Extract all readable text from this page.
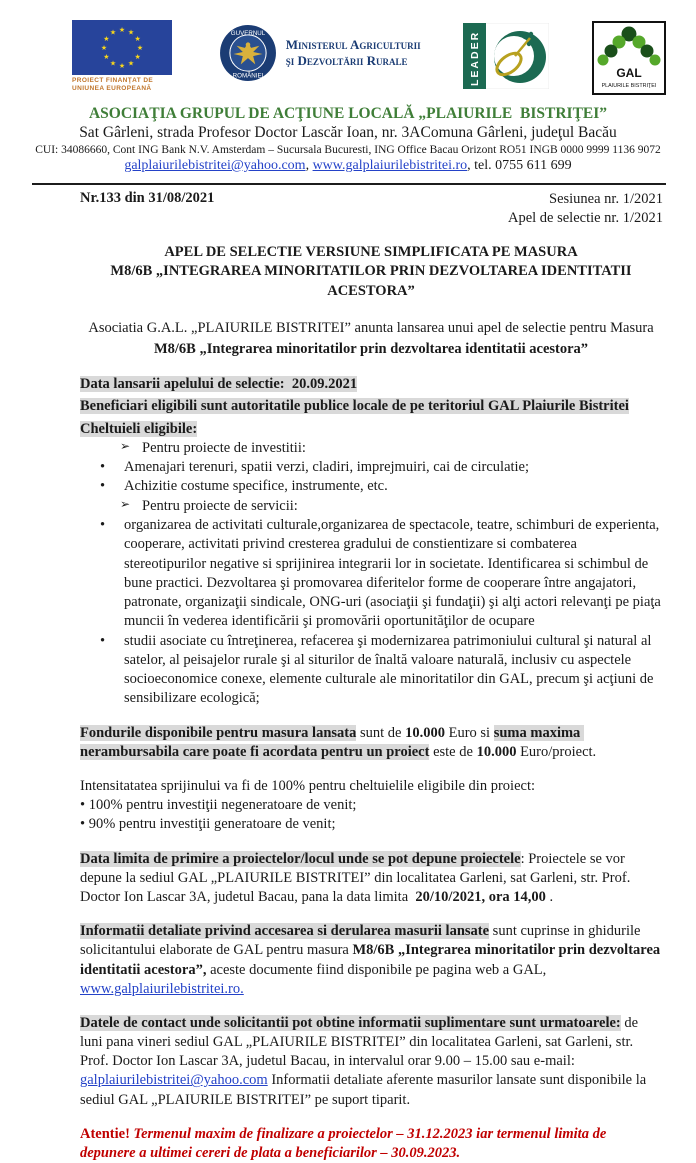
★ ★
★
★
★
★
★
★
★
★
★
★
PROIECT FINANŢAT DE
UNIUNEA EUROPEANĂ
GUVERNUL
ROMÂNIEI
Ministerul Agriculturii
şi Dezvoltării Rurale	LEADER	GAL
PLAIURILE BISTRIŢEI
ASOCIAŢIA GRUPUL DE ACŢIUNE LOCALĂ „PLAIURILE  BISTRIŢEI”
Sat Gârleni, strada Profesor Doctor Lascăr Ioan, nr. 3AComuna Gârleni, judeţul Bacău
CUI: 34086660, Cont ING Bank N.V. Amsterdam – Sucursala Bucuresti, ING Office Bacau Orizont RO51 INGB 0000 9999 1136 9072
galplaiurilebistritei@yahoo.com, www.galplaiurilebistritei.ro, tel. 0755 611 699
Nr.133 din 31/08/2021	Sesiunea nr. 1/2021
Apel de selectie nr. 1/2021
APEL DE SELECTIE VERSIUNE SIMPLIFICATA PE MASURA
M8/6B „INTEGRAREA MINORITATILOR PRIN DEZVOLTAREA IDENTITATII ACESTORA”
Asociatia G.A.L. „PLAIURILE BISTRITEI” anunta lansarea unui apel de selectie pentru Masura
M8/6B „Integrarea minoritatilor prin dezvoltarea identitatii acestora”
Data lansarii apelului de selectie:  20.09.2021
Beneficiari eligibili sunt autoritatile publice locale de pe teritoriul GAL Plaiurile Bistritei
Cheltuieli eligibile:
➢ Pentru proiecte de investitii:
•	Amenajari terenuri, spatii verzi, cladiri, imprejmuiri, cai de circulatie;
•	Achizitie costume specifice, instrumente, etc.
➢ Pentru proiecte de servicii:
•	organizarea de activitati culturale,organizarea de spectacole, teatre, schimburi de experienta, cooperare, activitati privind cresterea gradului de constientizare si combaterea stereotipurilor negative si sprijinirea integrarii lor in societate. Identificarea si schimbul de bune practici. Dezvoltarea şi promovarea diferitelor forme de cooperare între angajatori, patronate, organizaţii sindicale, ONG-uri (asociaţii şi fundaţii) şi alţi actori relevanţi pe piaţa muncii în vederea identificării şi promovării oportunităţilor de ocupare
•	studii asociate cu întreţinerea, refacerea şi modernizarea patrimoniului cultural şi natural al satelor, al peisajelor rurale şi al siturilor de înaltă valoare naturală, inclusiv cu aspectele socioeconomice conexe, elemente culturale ale minoritatilor din GAL, precum şi acţiuni de sensibilizare ecologică;

Fondurile disponibile pentru masura lansata sunt de 10.000 Euro si suma maxima nerambursabila care poate fi acordata pentru un proiect este de 10.000 Euro/proiect.

Intensitatatea sprijinului va fi de 100% pentru cheltuielile eligibile din proiect:
• 100% pentru investiţii negeneratoare de venit;
• 90% pentru investiţii generatoare de venit;

Data limita de primire a proiectelor/locul unde se pot depune proiectele: Proiectele se vor depune la sediul GAL „PLAIURILE BISTRITEI” din localitatea Garleni, sat Garleni, str. Prof. Doctor Ion Lascar 3A, judetul Bacau, pana la data limita  20/10/2021, ora 14,00 .

Informatii detaliate privind accesarea si derularea masurii lansate sunt cuprinse in ghidurile solicitantului elaborate de GAL pentru masura M8/6B „Integrarea minoritatilor prin dezvoltarea identitatii acestora”, aceste documente fiind disponibile pe pagina web a GAL, www.galplaiurilebistritei.ro.

Datele de contact unde solicitantii pot obtine informatii suplimentare sunt urmatoarele: de luni pana vineri sediul GAL „PLAIURILE BISTRITEI” din localitatea Garleni, sat Garleni, str. Prof. Doctor Ion Lascar 3A, judetul Bacau, in intervalul orar 9.00 – 15.00 sau e-mail: galplaiurilebistritei@yahoo.com Informatii detaliate aferente masurilor lansate sunt disponibile la sediul GAL „PLAIURILE BISTRITEI” pe suport tiparit.

Atentie! Termenul maxim de finalizare a proiectelor – 31.12.2023 iar termenul limita de depunere a ultimei cereri de plata a beneficiarilor – 30.09.2023.
